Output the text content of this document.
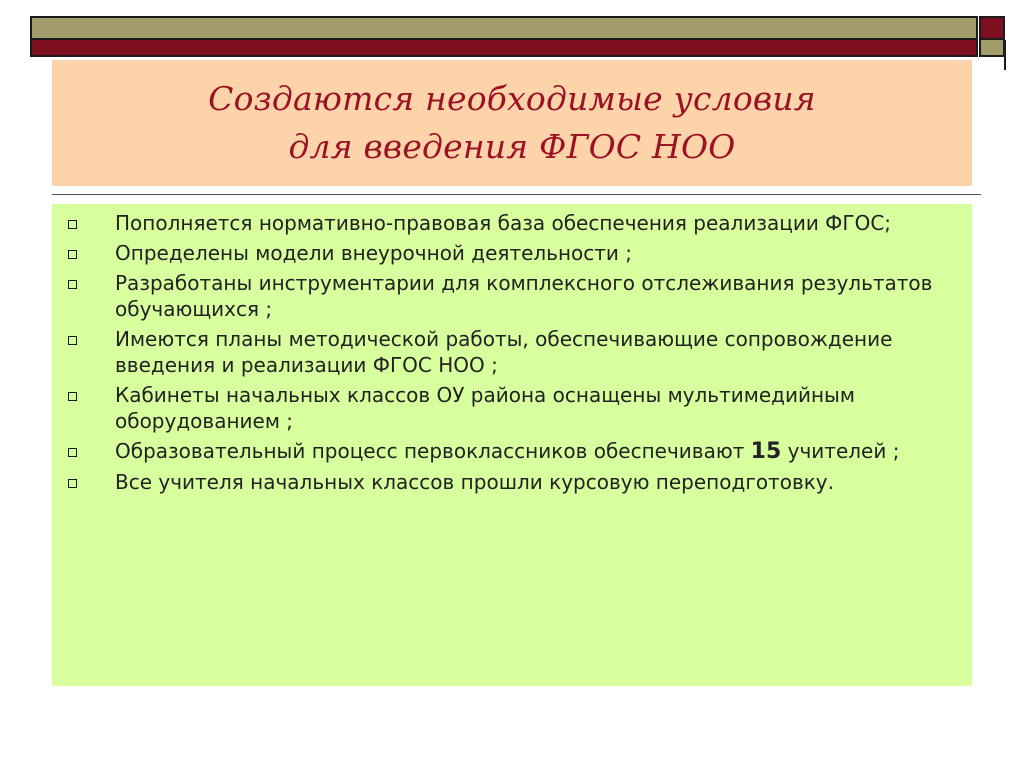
Создаются необходимые условия
для введения ФГОС НОО
Пополняется нормативно-правовая база обеспечения реализации ФГОС;
Определены модели внеурочной деятельности ;
Разработаны инструментарии для комплексного отслеживания результатов обучающихся ;
Имеются планы методической работы, обеспечивающие сопровождение введения и реализации ФГОС НОО ;
Кабинеты начальных классов ОУ района оснащены мультимедийным оборудованием ;
Образовательный процесс первоклассников обеспечивают 15 учителей ;
Все учителя начальных классов прошли курсовую переподготовку.
